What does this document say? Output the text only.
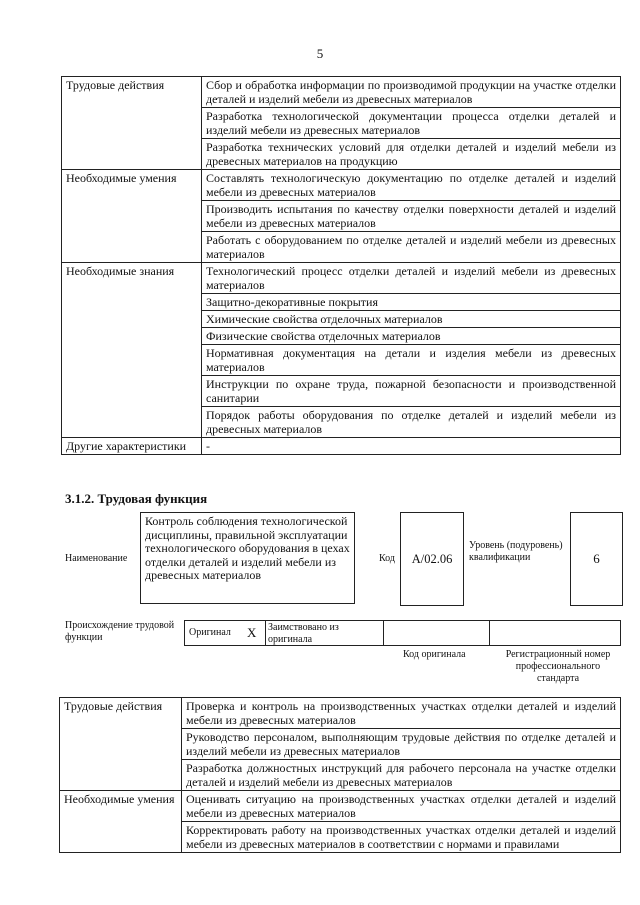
5
Трудовые действия	Сбор и обработка информации по производимой продукции на участке отделки деталей и изделий мебели из древесных материалов
	Разработка технологической документации процесса отделки деталей и изделий мебели из древесных материалов
	Разработка технических условий для отделки деталей и изделий мебели из древесных материалов на продукцию
Необходимые умения	Составлять технологическую документацию по отделке деталей и изделий мебели из древесных материалов
	Производить испытания по качеству отделки поверхности деталей и изделий мебели из древесных материалов
	Работать с оборудованием по отделке деталей и изделий мебели из древесных материалов
Необходимые знания	Технологический процесс отделки деталей и изделий мебели из древесных материалов
	Защитно-декоративные покрытия
	Химические свойства отделочных материалов
	Физические свойства отделочных материалов
	Нормативная документация на детали и изделия мебели из древесных материалов
	Инструкции по охране труда, пожарной безопасности и производственной санитарии
	Порядок работы оборудования по отделке деталей и изделий мебели из древесных материалов
Другие характеристики	-
3.1.2. Трудовая функция
Наименование
Контроль соблюдения технологической дисциплины, правильной эксплуатации технологического оборудования в цехах отделки деталей и изделий мебели из древесных материалов
Код	A/02.06
Уровень (подуровень) квалификации	6
Происхождение трудовой функции	Оригинал	X	Заимствовано из оригинала
Код оригинала	Регистрационный номер профессионального стандарта
Трудовые действия	Проверка и контроль на производственных участках отделки деталей и изделий мебели из древесных материалов
	Руководство персоналом, выполняющим трудовые действия по отделке деталей и изделий мебели из древесных материалов
	Разработка должностных инструкций для рабочего персонала на участке отделки деталей и изделий мебели из древесных материалов
Необходимые умения	Оценивать ситуацию на производственных участках отделки деталей и изделий мебели из древесных материалов
	Корректировать работу на производственных участках отделки деталей и изделий мебели из древесных материалов в соответствии с нормами и правилами
